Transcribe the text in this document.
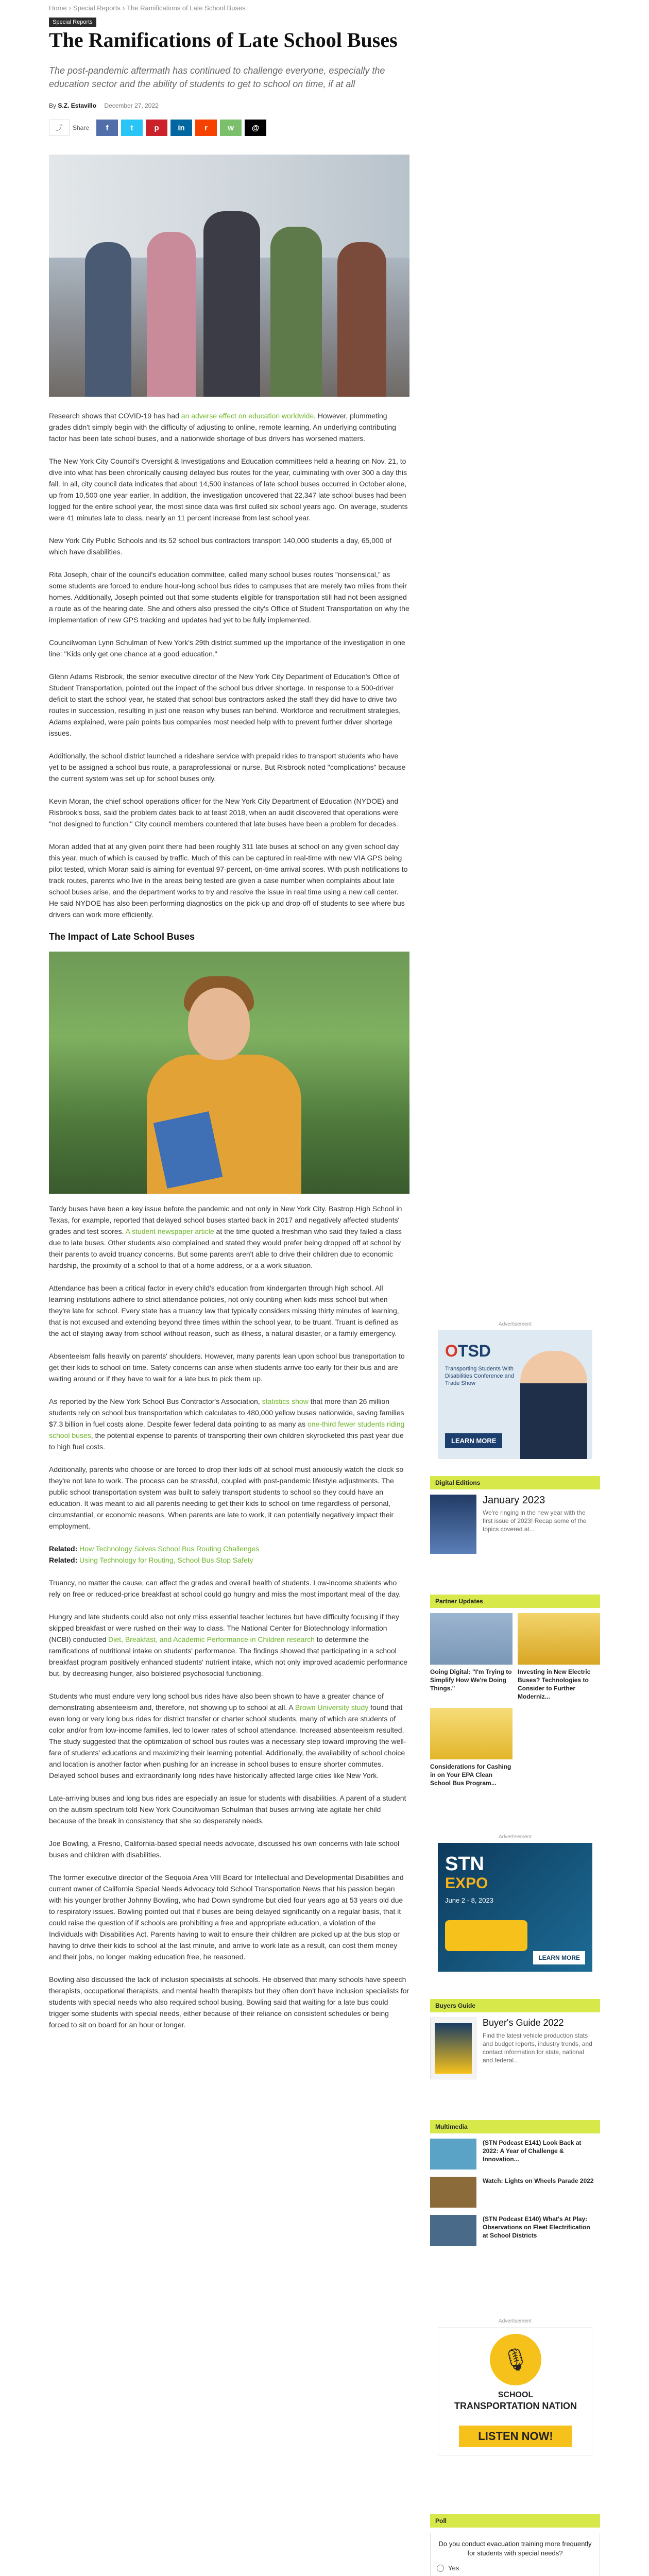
Home › Special Reports › The Ramifications of Late School Buses
Special Reports
The Ramifications of Late School Buses

The post-pandemic aftermath has continued to challenge everyone, especially the education sector and the ability of students to get to school on time, if at all

By S.Z. Estavillo December 27, 2022
⤴	Share	f	t	p	in	r	w	@

Research shows that COVID-19 has had an adverse effect on education worldwide. However, plummeting grades didn't simply begin with the difficulty of adjusting to online, remote learning. An underlying contributing factor has been late school buses, and a nationwide shortage of bus drivers has worsened matters.

The New York City Council's Oversight & Investigations and Education committees held a hearing on Nov. 21, to dive into what has been chronically causing delayed bus routes for the year, culminating with over 300 a day this fall. In all, city council data indicates that about 14,500 instances of late school buses occurred in October alone, up from 10,500 one year earlier. In addition, the investigation uncovered that 22,347 late school buses had been logged for the entire school year, the most since data was first culled six school years ago. On average, students were 41 minutes late to class, nearly an 11 percent increase from last school year.

New York City Public Schools and its 52 school bus contractors transport 140,000 students a day, 65,000 of which have disabilities.

Rita Joseph, chair of the council's education committee, called many school buses routes "nonsensical," as some students are forced to endure hour-long school bus rides to campuses that are merely two miles from their homes. Additionally, Joseph pointed out that some students eligible for transportation still had not been assigned a route as of the hearing date. She and others also pressed the city's Office of Student Transportation on why the implementation of new GPS tracking and updates had yet to be fully implemented.

Councilwoman Lynn Schulman of New York's 29th district summed up the importance of the investigation in one line: "Kids only get one chance at a good education."

Glenn Adams Risbrook, the senior executive director of the New York City Department of Education's Office of Student Transportation, pointed out the impact of the school bus driver shortage. In response to a 500-driver deficit to start the school year, he stated that school bus contractors asked the staff they did have to drive two routes in succession, resulting in just one reason why buses ran behind. Workforce and recruitment strategies, Adams explained, were pain points bus companies most needed help with to prevent further driver shortage issues.

Additionally, the school district launched a rideshare service with prepaid rides to transport students who have yet to be assigned a school bus route, a paraprofessional or nurse. But Risbrook noted "complications" because the current system was set up for school buses only.

Kevin Moran, the chief school operations officer for the New York City Department of Education (NYDOE) and Risbrook's boss, said the problem dates back to at least 2018, when an audit discovered that operations were "not designed to function." City council members countered that late buses have been a problem for decades.

Moran added that at any given point there had been roughly 311 late buses at school on any given school day this year, much of which is caused by traffic. Much of this can be captured in real-time with new VIA GPS being pilot tested, which Moran said is aiming for eventual 97-percent, on-time arrival scores. With push notifications to track routes, parents who live in the areas being tested are given a case number when complaints about late school buses arise, and the department works to try and resolve the issue in real time using a new call center. He said NYDOE has also been performing diagnostics on the pick-up and drop-off of students to see where bus drivers can work more efficiently.

The Impact of Late School Buses

Tardy buses have been a key issue before the pandemic and not only in New York City. Bastrop High School in Texas, for example, reported that delayed school buses started back in 2017 and negatively affected students' grades and test scores. A student newspaper article at the time quoted a freshman who said they failed a class due to late buses. Other students also complained and stated they would prefer being dropped off at school by their parents to avoid truancy concerns. But some parents aren't able to drive their children due to economic hardship, the proximity of a school to that of a home address, or a a work situation.

Attendance has been a critical factor in every child's education from kindergarten through high school. All learning institutions adhere to strict attendance policies, not only counting when kids miss school but when they're late for school. Every state has a truancy law that typically considers missing thirty minutes of learning, that is not excused and extending beyond three times within the school year, to be truant. Truant is defined as the act of staying away from school without reason, such as illness, a natural disaster, or a family emergency.

Absenteeism falls heavily on parents' shoulders. However, many parents lean upon school bus transportation to get their kids to school on time. Safety concerns can arise when students arrive too early for their bus and are waiting around or if they have to wait for a late bus to pick them up.

As reported by the New York School Bus Contractor's Association, statistics show that more than 26 million students rely on school bus transportation which calculates to 480,000 yellow buses nationwide, saving families $7.3 billion in fuel costs alone. Despite fewer federal data pointing to as many as one-third fewer students riding school buses, the potential expense to parents of transporting their own children skyrocketed this past year due to high fuel costs.

Additionally, parents who choose or are forced to drop their kids off at school must anxiously watch the clock so they're not late to work. The process can be stressful, coupled with post-pandemic lifestyle adjustments. The public school transportation system was built to safely transport students to school so they could have an education. It was meant to aid all parents needing to get their kids to school on time regardless of personal, circumstantial, or economic reasons. When parents are late to work, it can potentially negatively impact their employment.

Related: How Technology Solves School Bus Routing Challenges
Related: Using Technology for Routing, School Bus Stop Safety

Truancy, no matter the cause, can affect the grades and overall health of students. Low-income students who rely on free or reduced-price breakfast at school could go hungry and miss the most important meal of the day.

Hungry and late students could also not only miss essential teacher lectures but have difficulty focusing if they skipped breakfast or were rushed on their way to class. The National Center for Biotechnology Information (NCBI) conducted Diet, Breakfast, and Academic Performance in Children research to determine the ramifications of nutritional intake on students' performance. The findings showed that participating in a school breakfast program positively enhanced students' nutrient intake, which not only improved academic performance but, by decreasing hunger, also bolstered psychosocial functioning.

Students who must endure very long school bus rides have also been shown to have a greater chance of demonstrating absenteeism and, therefore, not showing up to school at all. A Brown University study found that even long or very long bus rides for district transfer or charter school students, many of which are students of color and/or from low-income families, led to lower rates of school attendance. Increased absenteeism resulted. The study suggested that the optimization of school bus routes was a necessary step toward improving the well-fare of students' educations and maximizing their learning potential. Additionally, the availability of school choice and location is another factor when pushing for an increase in school buses to ensure shorter commutes. Delayed school buses and extraordinarily long rides have historically affected large cities like New York.

Late-arriving buses and long bus rides are especially an issue for students with disabilities. A parent of a student on the autism spectrum told New York Councilwoman Schulman that buses arriving late agitate her child because of the break in consistency that she so desperately needs.

Joe Bowling, a Fresno, California-based special needs advocate, discussed his own concerns with late school buses and children with disabilities.

The former executive director of the Sequoia Area VIII Board for Intellectual and Developmental Disabilities and current owner of California Special Needs Advocacy told School Transportation News that his passion began with his younger brother Johnny Bowling, who had Down syndrome but died four years ago at 53 years old due to respiratory issues. Bowling pointed out that if buses are being delayed significantly on a regular basis, that it could raise the question of if schools are prohibiting a free and appropriate education, a violation of the Individuals with Disabilities Act. Parents having to wait to ensure their children are picked up at the bus stop or having to drive their kids to school at the last minute, and arrive to work late as a result, can cost them money and their jobs, no longer making education free, he reasoned.

Bowling also discussed the lack of inclusion specialists at schools. He observed that many schools have speech therapists, occupational therapists, and mental health therapists but they often don't have inclusion specialists for students with special needs who also required school busing. Bowling said that waiting for a late bus could trigger some students with special needs, either because of their reliance on consistent schedules or being forced to sit on board for an hour or longer.

Advertisement
OTSD
Transporting Students With Disabilities Conference and Trade Show
LEARN MORE
Digital Editions
January 2023
We're ringing in the new year with the first issue of 2023! Recap some of the topics covered at...
Partner Updates
Going Digital: "I'm Trying to Simplify How We're Doing Things."
Investing in New Electric Buses? Technologies to Consider to Further Moderniz...
Considerations for Cashing in on Your EPA Clean School Bus Program...
Advertisement
STN
EXPO
June 2 - 8, 2023
LEARN MORE
Buyers Guide
Buyer's Guide 2022
Find the latest vehicle production stats and budget reports, industry trends, and contact information for state, national and federal...
Multimedia
(STN Podcast E141) Look Back at 2022: A Year of Challenge & Innovation...
Watch: Lights on Wheels Parade 2022
(STN Podcast E140) What's At Play: Observations on Fleet Electrification at School Districts
Advertisement
🎙
SCHOOL
TRANSPORTATION NATION
LISTEN NOW!
Poll
Do you conduct evacuation training more frequently for students with special needs?
Yes
